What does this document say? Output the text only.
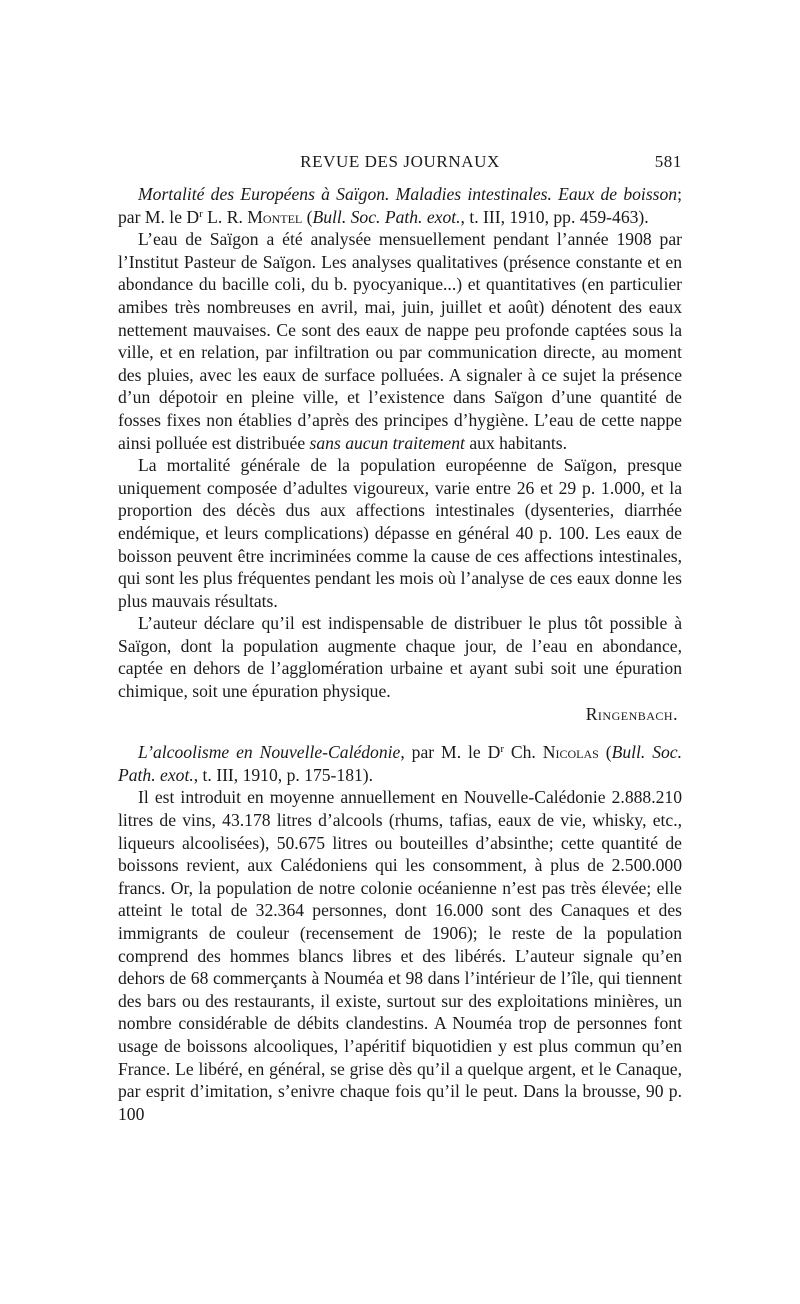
REVUE DES JOURNAUX	581

Mortalité des Européens à Saïgon. Maladies intestinales. Eaux de boisson; par M. le $D^r$ L. R. Montel (Bull. Soc. Path. exot., t. III, 1910, pp. 459-463).

L’eau de Saïgon a été analysée mensuellement pendant l’année 1908 par l’Institut Pasteur de Saïgon. Les analyses qualitatives (présence constante et en abondance du bacille coli, du b. pyocyanique...) et quantitatives (en particulier amibes très nombreuses en avril, mai, juin, juillet et août) dénotent des eaux nettement mauvaises. Ce sont des eaux de nappe peu profonde captées sous la ville, et en relation, par infiltration ou par communication directe, au moment des pluies, avec les eaux de surface polluées. A signaler à ce sujet la présence d’un dépotoir en pleine ville, et l’existence dans Saïgon d’une quantité de fosses fixes non établies d’après des principes d’hygiène. L’eau de cette nappe ainsi polluée est distribuée sans aucun traitement aux habitants.

La mortalité générale de la population européenne de Saïgon, presque uniquement composée d’adultes vigoureux, varie entre 26 et 29 p. 1.000, et la proportion des décès dus aux affections intestinales (dysenteries, diarrhée endémique, et leurs complications) dépasse en général 40 p. 100. Les eaux de boisson peuvent être incriminées comme la cause de ces affections intestinales, qui sont les plus fréquentes pendant les mois où l’analyse de ces eaux donne les plus mauvais résultats.

L’auteur déclare qu’il est indispensable de distribuer le plus tôt possible à Saïgon, dont la population augmente chaque jour, de l’eau en abondance, captée en dehors de l’agglomération urbaine et ayant subi soit une épuration chimique, soit une épuration physique.

Ringenbach.

L’alcoolisme en Nouvelle-Calédonie, par M. le $D^r$ Ch. Nicolas (Bull. Soc. Path. exot., t. III, 1910, p. 175-181).

Il est introduit en moyenne annuellement en Nouvelle-Calédonie 2.888.210 litres de vins, 43.178 litres d’alcools (rhums, tafias, eaux de vie, whisky, etc., liqueurs alcoolisées), 50.675 litres ou bouteilles d’absinthe; cette quantité de boissons revient, aux Calédoniens qui les consomment, à plus de 2.500.000 francs. Or, la population de notre colonie océanienne n’est pas très élevée; elle atteint le total de 32.364 personnes, dont 16.000 sont des Canaques et des immigrants de couleur (recensement de 1906); le reste de la population comprend des hommes blancs libres et des libérés. L’auteur signale qu’en dehors de 68 commerçants à Nouméa et 98 dans l’intérieur de l’île, qui tiennent des bars ou des restaurants, il existe, surtout sur des exploitations minières, un nombre considérable de débits clandestins. A Nouméa trop de personnes font usage de boissons alcooliques, l’apéritif biquotidien y est plus commun qu’en France. Le libéré, en général, se grise dès qu’il a quelque argent, et le Canaque, par esprit d’imitation, s’enivre chaque fois qu’il le peut. Dans la brousse, 90 p. 100
